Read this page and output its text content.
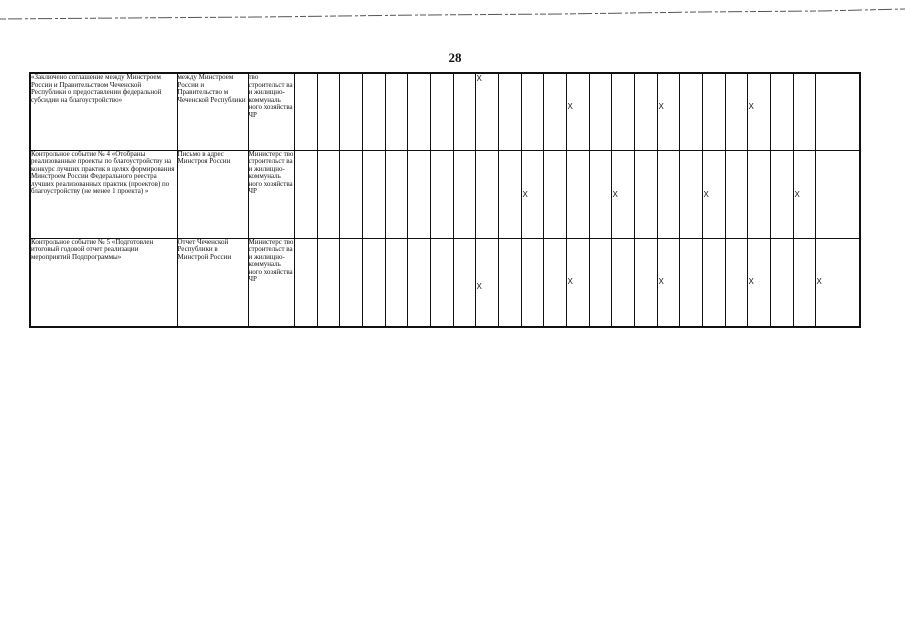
28
«Заключено соглашение между Минстроем России и Правительством Чеченской Республики о предоставлении федеральной субсидии на благоустройство»	между Минстроем России и Правительство м Чеченской Республики	тво строительст ва и жилищно- коммуналь ного хозяйства ЧР									X				X				X				X			

Контрольное событие № 4 «Отобраны реализованные проекты по благоустройству на конкурс лучших практик в целях формирования Минстроем России Федерального реестра лучших реализованных практик (проектов) по благоустройству (не менее 1 проекта) »	Письмо в адрес Минстроя России	Министерс тво строительст ва и жилищно- коммуналь ного хозяйства ЧР											X				X				X				X	

Контрольное событие № 5 «Подготовлен итоговый годовой отчет реализации мероприятий Подпрограммы»	Отчет Чеченской Республики в Минстрой России	Министерс тво строительст ва и жилищно- коммуналь ного хозяйства ЧР									X				X				X				X			X
